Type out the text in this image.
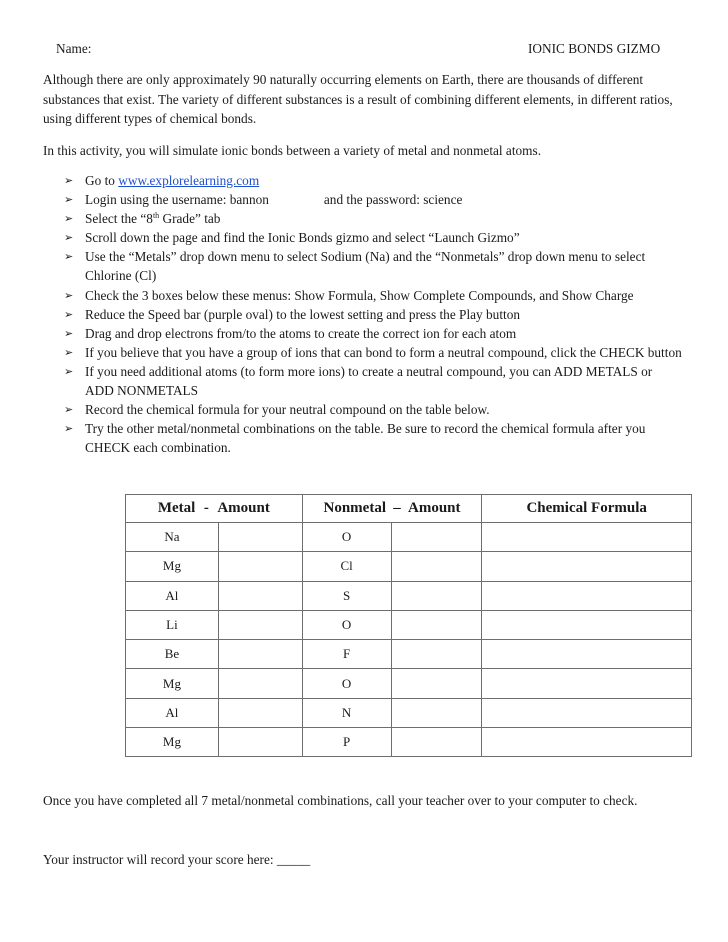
Name:	IONIC BONDS GIZMO
Although there are only approximately 90 naturally occurring elements on Earth, there are thousands of different substances that exist. The variety of different substances is a result of combining different elements, in different ratios, using different types of chemical bonds.
In this activity, you will simulate ionic bonds between a variety of metal and nonmetal atoms.
➢ Go to www.explorelearning.com
➢ Login using the username: bannon	and the password: science
➢ Select the “8th Grade” tab
➢ Scroll down the page and find the Ionic Bonds gizmo and select “Launch Gizmo”
➢ Use the “Metals” drop down menu to select Sodium (Na) and the “Nonmetals” drop down menu to select Chlorine (Cl)
➢ Check the 3 boxes below these menus: Show Formula, Show Complete Compounds, and Show Charge
➢ Reduce the Speed bar (purple oval) to the lowest setting and press the Play button
➢ Drag and drop electrons from/to the atoms to create the correct ion for each atom
➢ If you believe that you have a group of ions that can bond to form a neutral compound, click the CHECK button
➢ If you need additional atoms (to form more ions) to create a neutral compound, you can ADD METALS or ADD NONMETALS
➢ Record the chemical formula for your neutral compound on the table below.
➢ Try the other metal/nonmetal combinations on the table. Be sure to record the chemical formula after you CHECK each combination.
Metal - Amount		Nonmetal – Amount		Chemical Formula
Na		O		
Mg		Cl		
Al		S		
Li		O		
Be		F		
Mg		O		
Al		N		
Mg		P		
Once you have completed all 7 metal/nonmetal combinations, call your teacher over to your computer to check.
Your instructor will record your score here: _____
